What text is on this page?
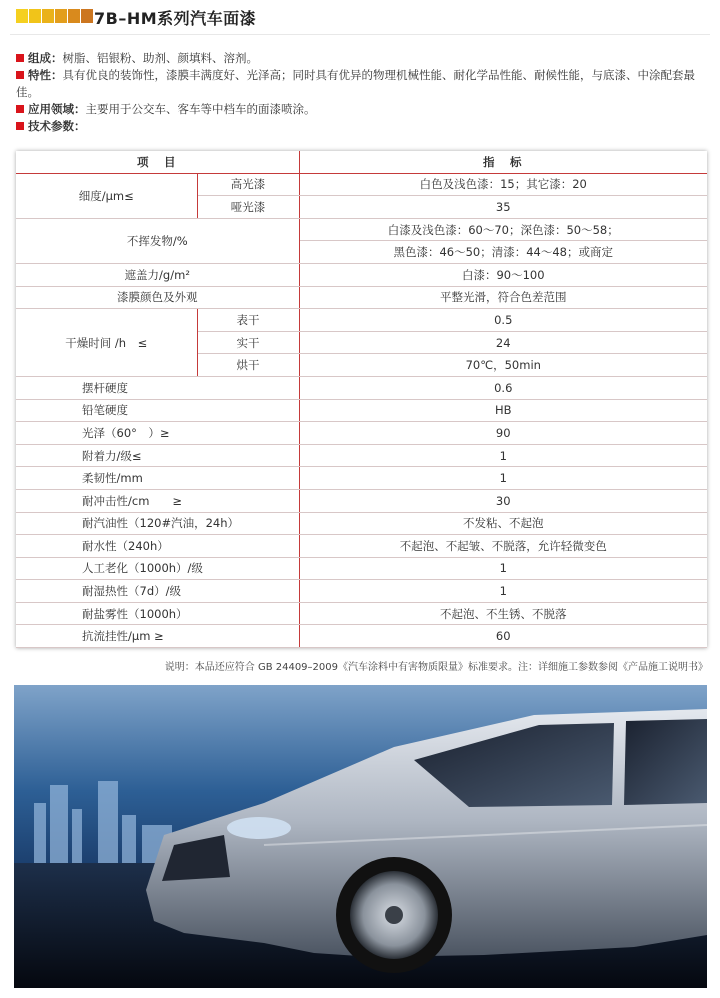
7B–HM系列汽车面漆

组成：树脂、铝银粉、助剂、颜填料、溶剂。

特性：具有优良的装饰性，漆膜丰满度好、光泽高；同时具有优异的物理机械性能、耐化学品性能、耐候性能，与底漆、中涂配套最佳。

应用领域：主要用于公交车、客车等中档车的面漆喷涂。

技术参数：

项　目		指　标
细度/μm≤	高光漆	白色及浅色漆：15；其它漆：20
	哑光漆	35
不挥发物/%		白漆及浅色漆：60～70；深色漆：50～58；
		黑色漆：46～50；清漆：44～48；或商定
遮盖力/g/m²		白漆：90～100
漆膜颜色及外观		平整光滑，符合色差范围
干燥时间 /h　≤	表干	0.5
	实干	24
	烘干	70℃，50min
摆杆硬度		0.6
铅笔硬度		HB
光泽（60°　）≥		90
附着力/级≤		1
柔韧性/mm		1
耐冲击性/cm　　≥		30
耐汽油性（120#汽油，24h）		不发粘、不起泡
耐水性（240h）		不起泡、不起皱、不脱落，允许轻微变色
人工老化（1000h）/级		1
耐湿热性（7d）/级		1
耐盐雾性（1000h）		不起泡、不生锈、不脱落
抗流挂性/μm ≥		60
说明：本品还应符合 GB 24409–2009《汽车涂料中有害物质限量》标准要求。注：详细施工参数参阅《产品施工说明书》
